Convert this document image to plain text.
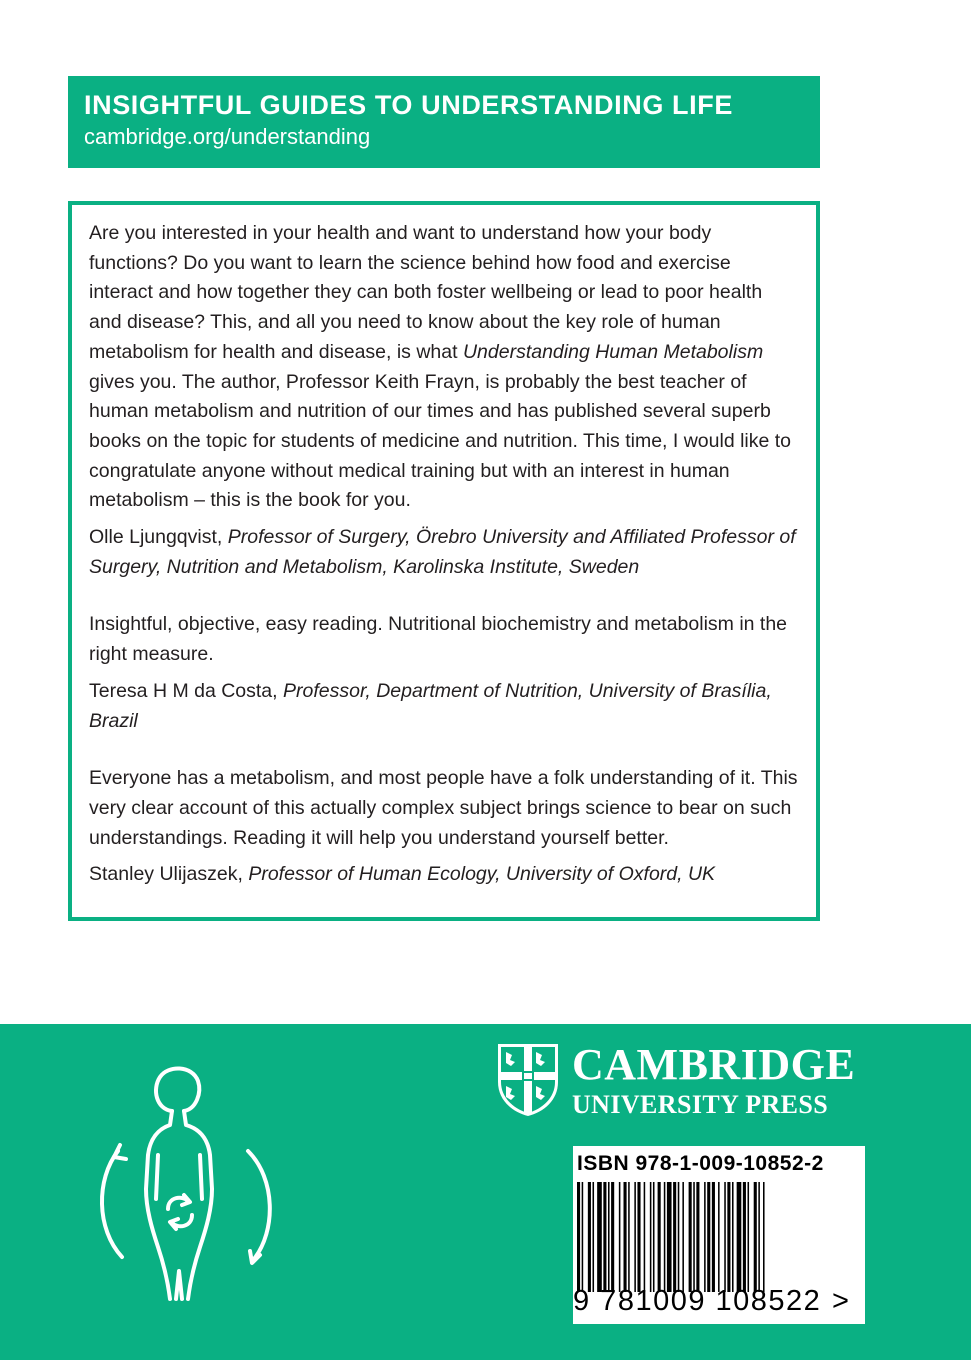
INSIGHTFUL GUIDES TO UNDERSTANDING LIFE
cambridge.org/understanding

Are you interested in your health and want to understand how your body functions? Do you want to learn the science behind how food and exercise interact and how together they can both foster wellbeing or lead to poor health and disease? This, and all you need to know about the key role of human metabolism for health and disease, is what Understanding Human Metabolism gives you. The author, Professor Keith Frayn, is probably the best teacher of human metabolism and nutrition of our times and has published several superb books on the topic for students of medicine and nutrition. This time, I would like to congratulate anyone without medical training but with an interest in human metabolism – this is the book for you.

Olle Ljungqvist, Professor of Surgery, Örebro University and Affiliated Professor of Surgery, Nutrition and Metabolism, Karolinska Institute, Sweden

Insightful, objective, easy reading. Nutritional biochemistry and metabolism in the right measure.

Teresa H M da Costa, Professor, Department of Nutrition, University of Brasília, Brazil

Everyone has a metabolism, and most people have a folk understanding of it. This very clear account of this actually complex subject brings science to bear on such understandings. Reading it will help you understand yourself better.

Stanley Ulijaszek, Professor of Human Ecology, University of Oxford, UK

CAMBRIDGE
UNIVERSITY PRESS
ISBN 978-1-009-10852-2
9 781009 108522 >
